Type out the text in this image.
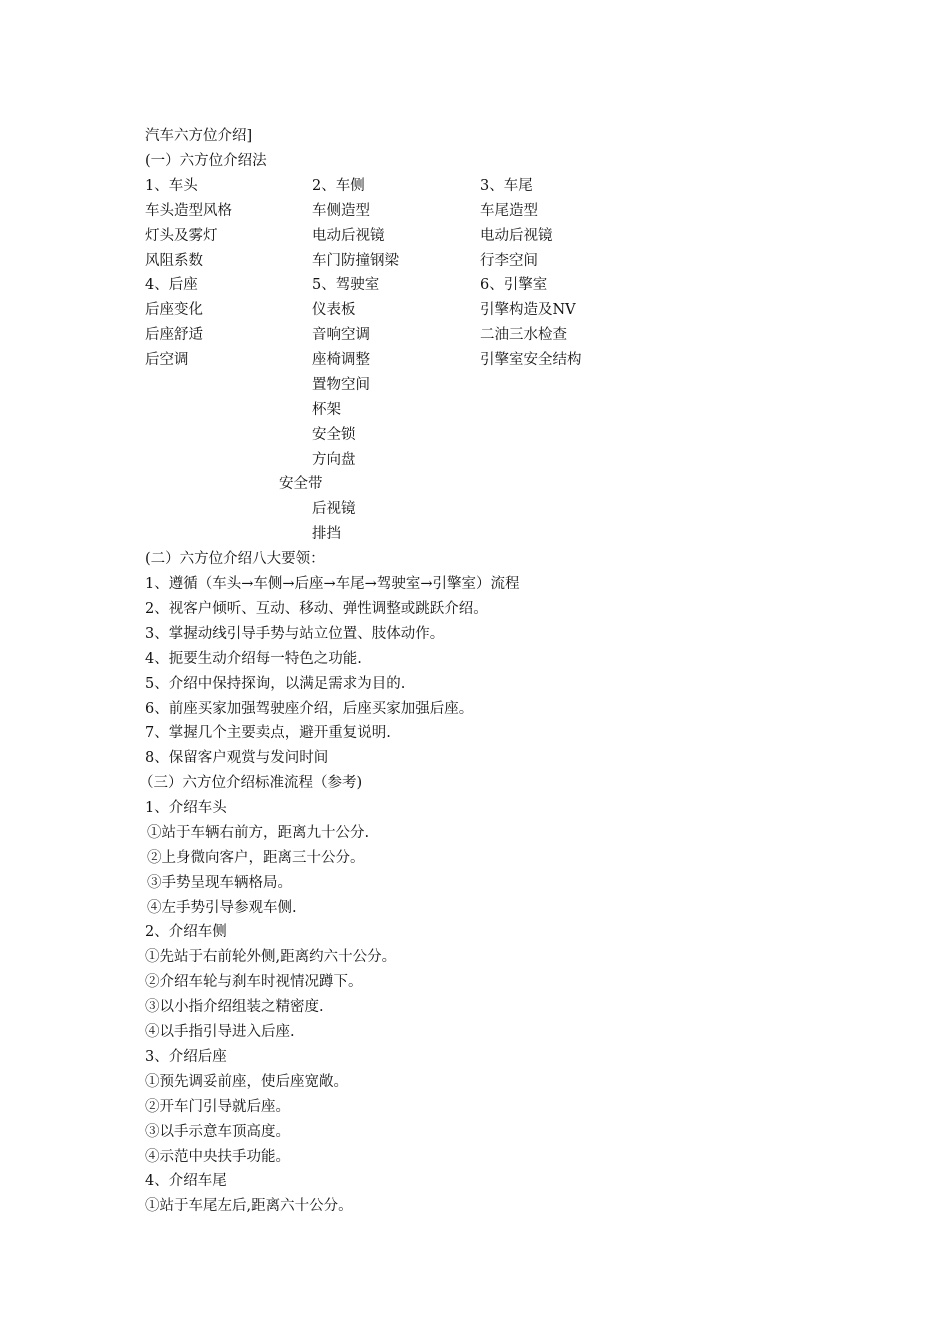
汽车六方位介绍]
(一）六方位介绍法
1、车头
车头造型风格
灯头及雾灯
风阻系数
4、后座
后座变化
后座舒适
后空调
2、车侧
车侧造型
电动后视镜
车门防撞钢梁
5、驾驶室
仪表板
音响空调
座椅调整
置物空间
杯架
安全锁
方向盘
安全带
后视镜
排挡
3、车尾
车尾造型
电动后视镜
行李空间
6、引擎室
引擎构造及NV
二油三水检查
引擎室安全结构
(二）六方位介绍八大要领：
1、遵循（车头→车侧→后座→车尾→驾驶室→引擎室）流程
2、视客户倾听、互动、移动、弹性调整或跳跃介绍。
3、掌握动线引导手势与站立位置、肢体动作。
4、扼要生动介绍每一特色之功能.
5、介绍中保持探询，以满足需求为目的.
6、前座买家加强驾驶座介绍，后座买家加强后座。
7、掌握几个主要卖点，避开重复说明.
8、保留客户观赏与发问时间
（三）六方位介绍标准流程（参考)
1、介绍车头
①站于车辆右前方，距离九十公分.
②上身微向客户，距离三十公分。
③手势呈现车辆格局。
④左手势引导参观车侧.
2、介绍车侧
①先站于右前轮外侧,距离约六十公分。
②介绍车轮与刹车时视情况蹲下。
③以小指介绍组装之精密度.
④以手指引导进入后座.
3、介绍后座
①预先调妥前座，使后座宽敞。
②开车门引导就后座。
③以手示意车顶高度。
④示范中央扶手功能。
4、介绍车尾
①站于车尾左后,距离六十公分。
